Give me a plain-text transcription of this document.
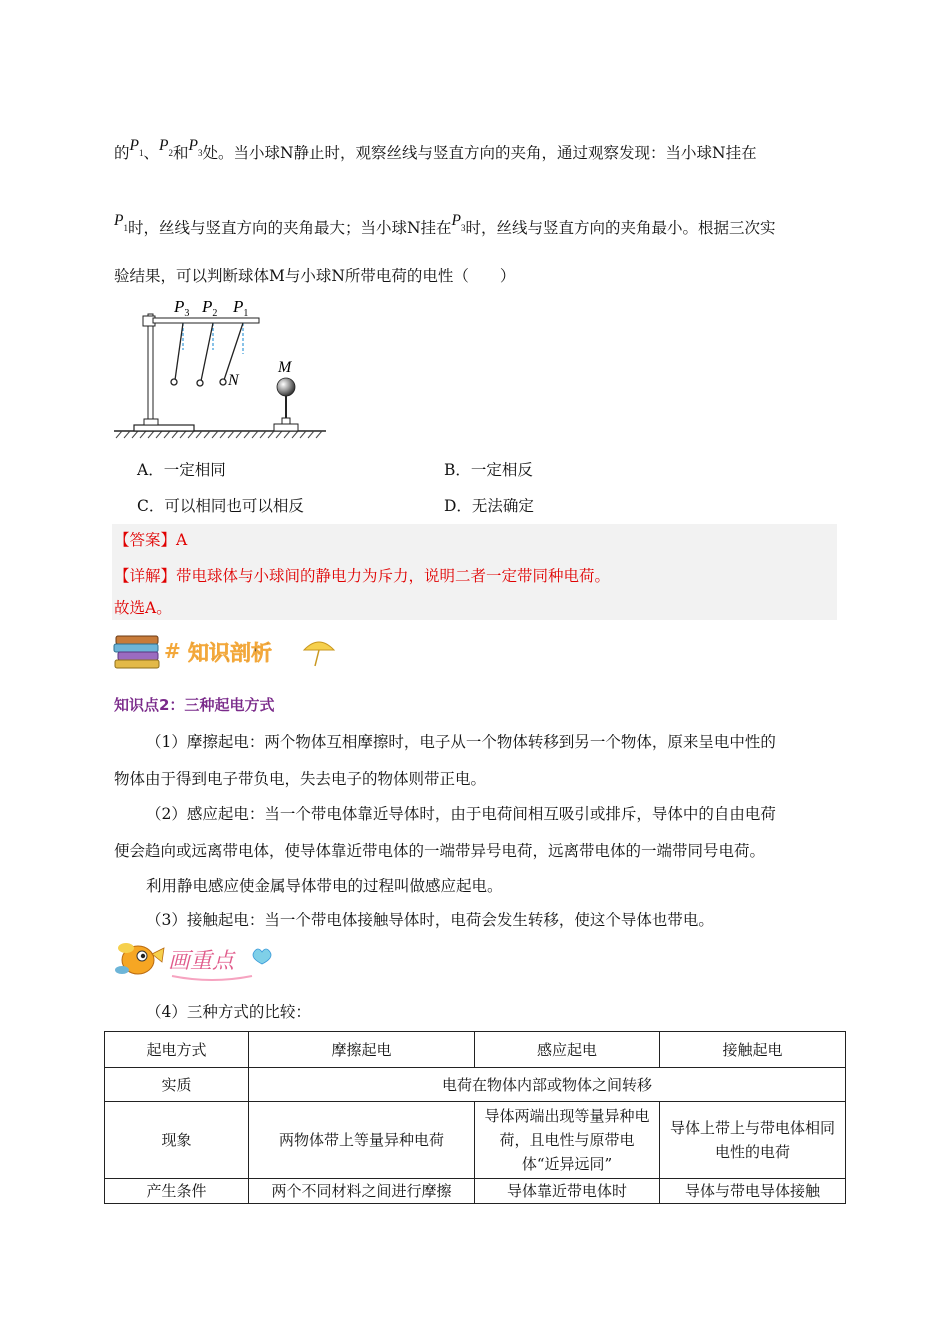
的$P_1$、$P_2$和$P_3$处。当小球N静止时，观察丝线与竖直方向的夹角，通过观察发现：当小球N挂在
$P_1$时，丝线与竖直方向的夹角最大；当小球N挂在$P_3$时，丝线与竖直方向的夹角最小。根据三次实
验结果，可以判断球体M与小球N所带电荷的电性（　　）
$P_3$ $P_2$ $P_1$
N
M
A．一定相同	B．一定相反
C．可以相同也可以相反	D．无法确定
【答案】A
【详解】带电球体与小球间的静电力为斥力，说明二者一定带同种电荷。
故选A。
# 知识剖析
知识点2：三种起电方式
（1）摩擦起电：两个物体互相摩擦时，电子从一个物体转移到另一个物体，原来呈电中性的
物体由于得到电子带负电，失去电子的物体则带正电。
（2）感应起电：当一个带电体靠近导体时，由于电荷间相互吸引或排斥，导体中的自由电荷
便会趋向或远离带电体，使导体靠近带电体的一端带异号电荷，远离带电体的一端带同号电荷。
利用静电感应使金属导体带电的过程叫做感应起电。
（3）接触起电：当一个带电体接触导体时，电荷会发生转移，使这个导体也带电。
画重点
（4）三种方式的比较：
起电方式	摩擦起电	感应起电	接触起电
实质	电荷在物体内部或物体之间转移		
现象	两物体带上等量异种电荷	导体两端出现等量异种电荷，且电性与原带电体“近异远同”	导体上带上与带电体相同电性的电荷
产生条件	两个不同材料之间进行摩擦	导体靠近带电体时	导体与带电导体接触
